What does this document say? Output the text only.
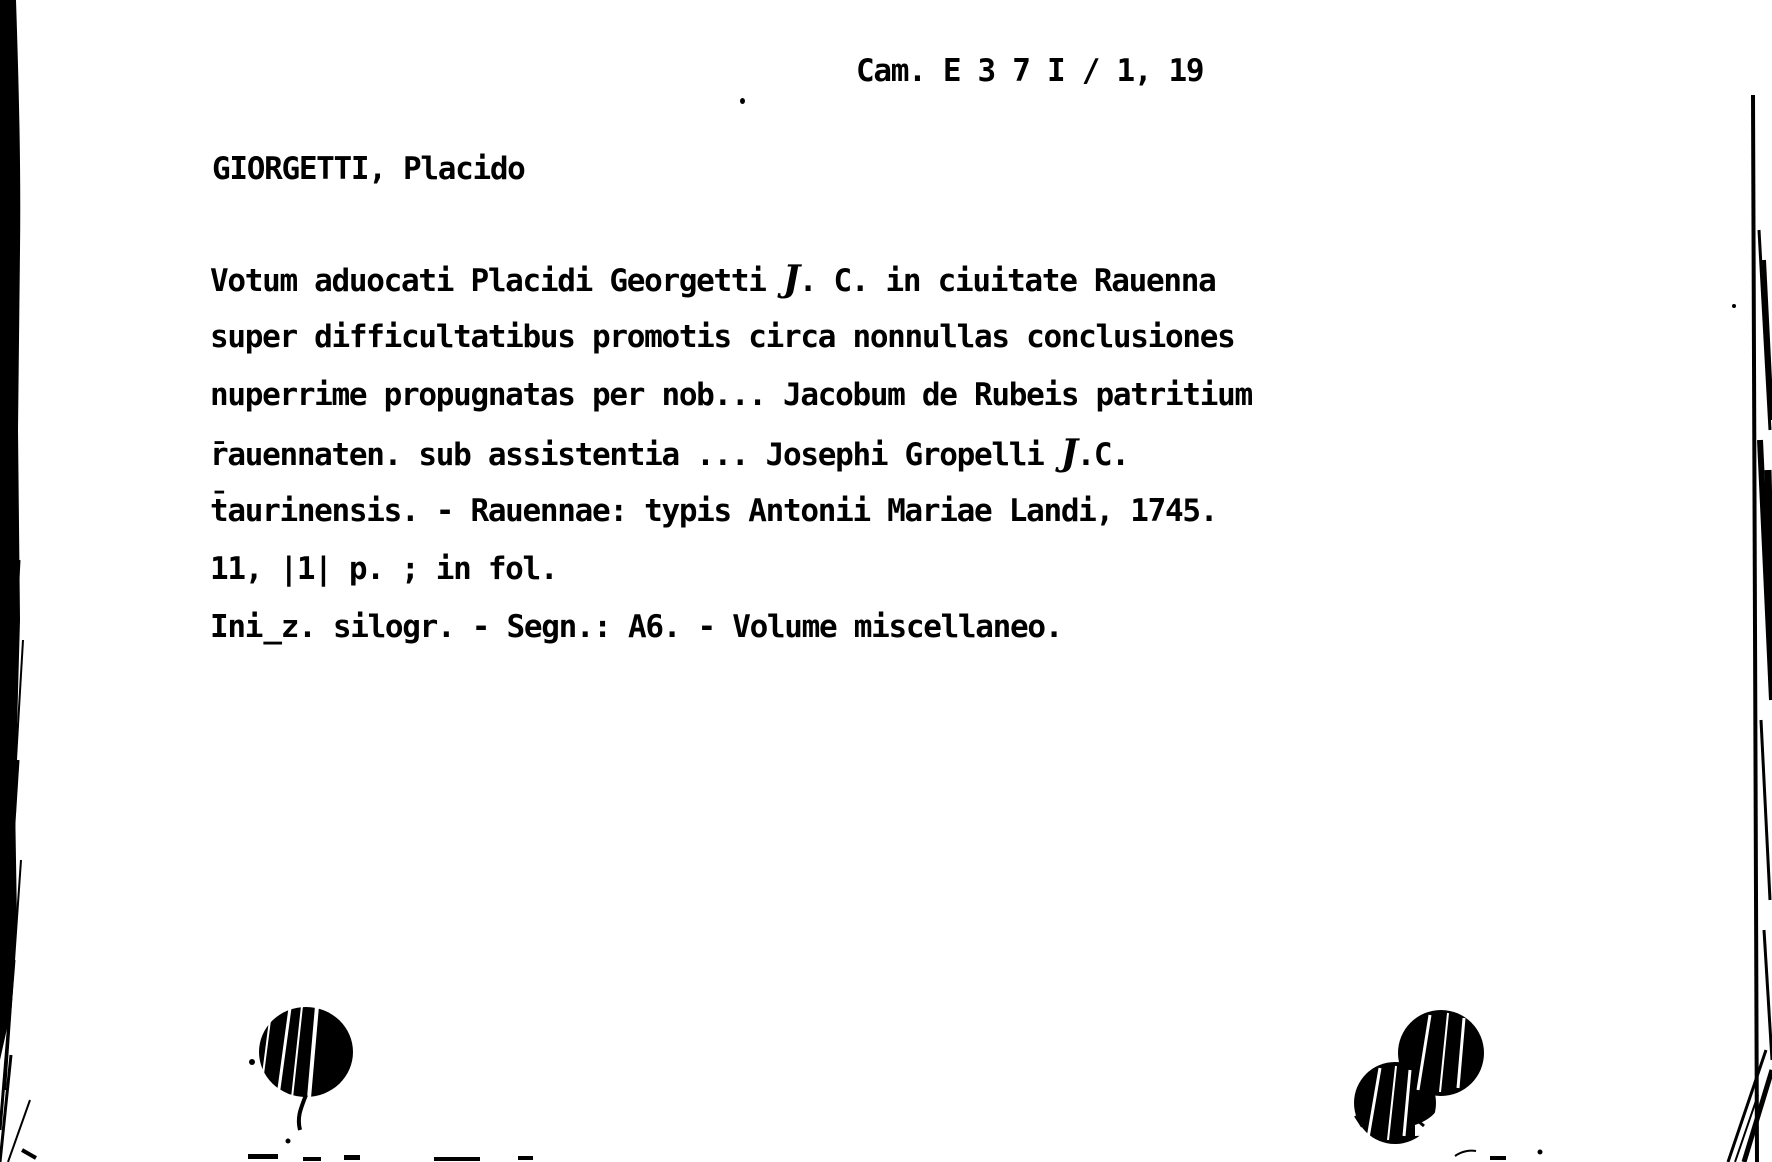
Cam. E 3 7 I / 1, 19
GIORGETTI, Placido
Votum aduocati Placidi Georgetti J. C. in ciuitate Rauenna
super difficultatibus promotis circa nonnullas conclusiones
nuperrime propugnatas per nob... Jacobum de Rubeis patritium
r̄auennaten. sub assistentia ... Josephi Gropelli J.C.
t̄aurinensis. - Rauennae: typis Antonii Mariae Landi, 1745.
11, |1| p. ; in fol.
Ini̲z. silogr. - Segn.: A6. - Volume miscellaneo.
